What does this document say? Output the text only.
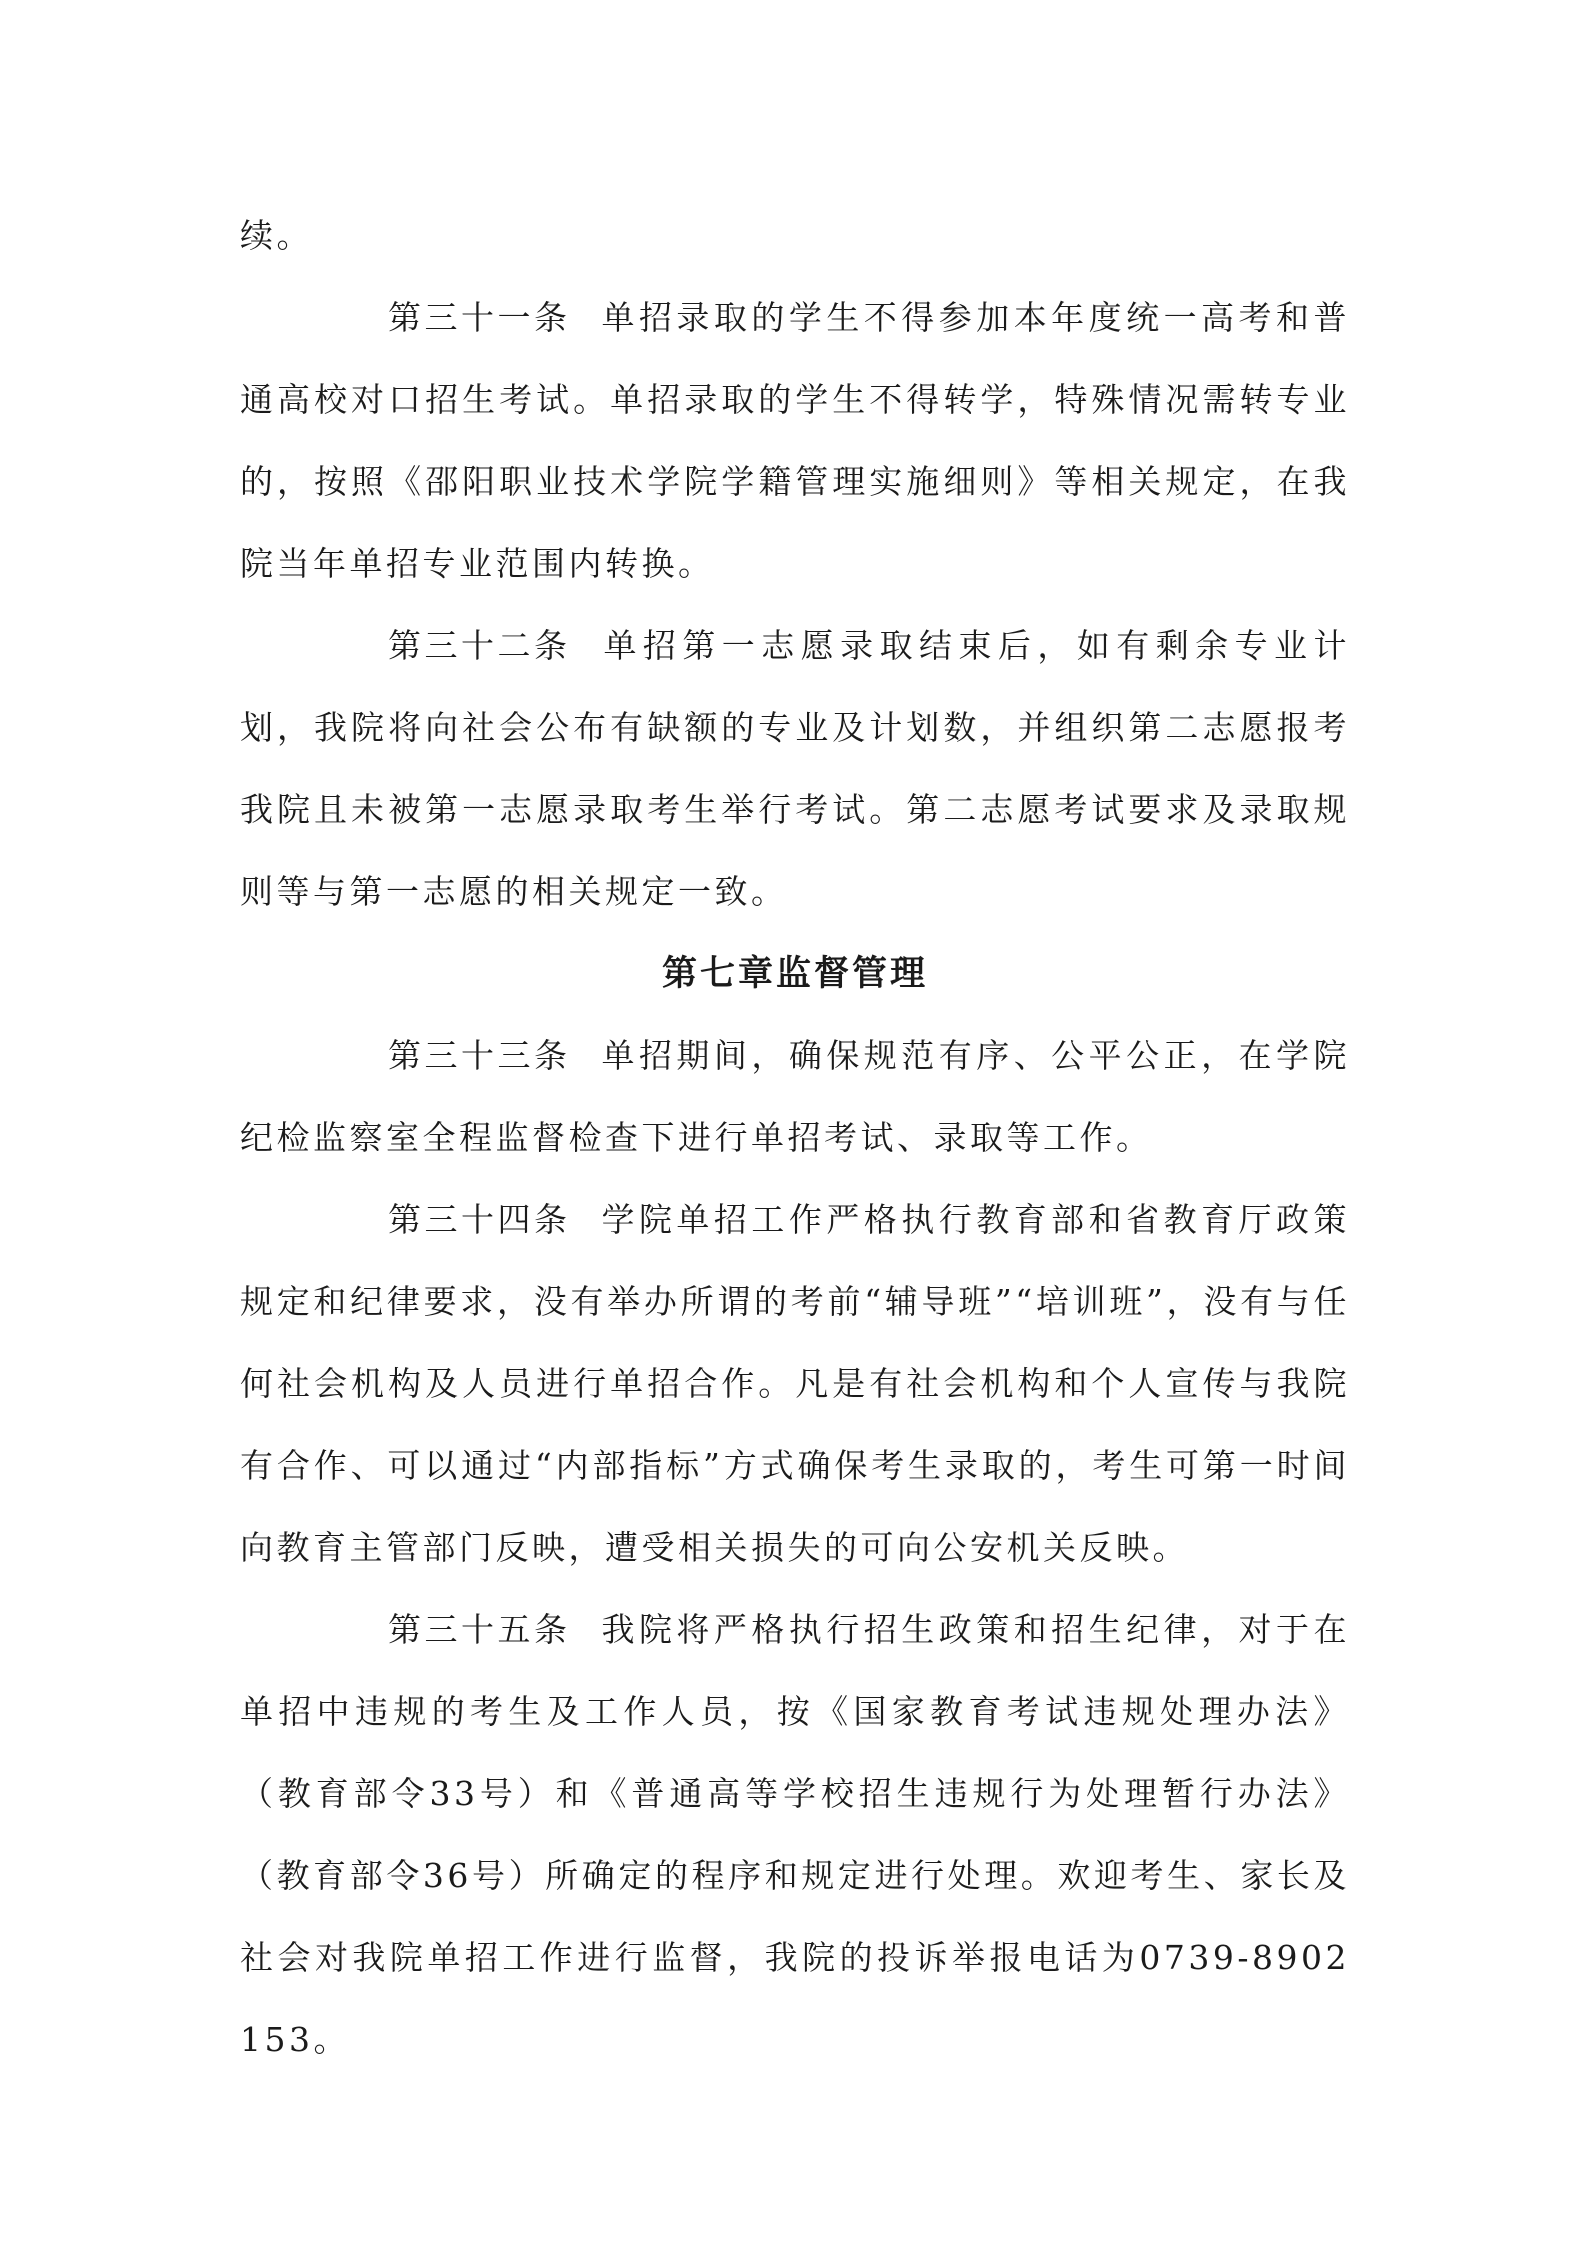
续。

第三十一条 单招录取的学生不得参加本年度统一高考和普通高校对口招生考试。单招录取的学生不得转学，特殊情况需转专业的，按照《邵阳职业技术学院学籍管理实施细则》等相关规定，在我院当年单招专业范围内转换。

第三十二条 单招第一志愿录取结束后，如有剩余专业计划，我院将向社会公布有缺额的专业及计划数，并组织第二志愿报考我院且未被第一志愿录取考生举行考试。第二志愿考试要求及录取规则等与第一志愿的相关规定一致。

第七章监督管理

第三十三条 单招期间，确保规范有序、公平公正，在学院纪检监察室全程监督检查下进行单招考试、录取等工作。

第三十四条 学院单招工作严格执行教育部和省教育厅政策规定和纪律要求，没有举办所谓的考前“辅导班”“培训班”，没有与任何社会机构及人员进行单招合作。凡是有社会机构和个人宣传与我院有合作、可以通过“内部指标”方式确保考生录取的，考生可第一时间向教育主管部门反映，遭受相关损失的可向公安机关反映。

第三十五条 我院将严格执行招生政策和招生纪律，对于在单招中违规的考生及工作人员，按《国家教育考试违规处理办法》（教育部令33号）和《普通高等学校招生违规行为处理暂行办法》（教育部令36号）所确定的程序和规定进行处理。欢迎考生、家长及社会对我院单招工作进行监督，我院的投诉举报电话为0739-8902153。
